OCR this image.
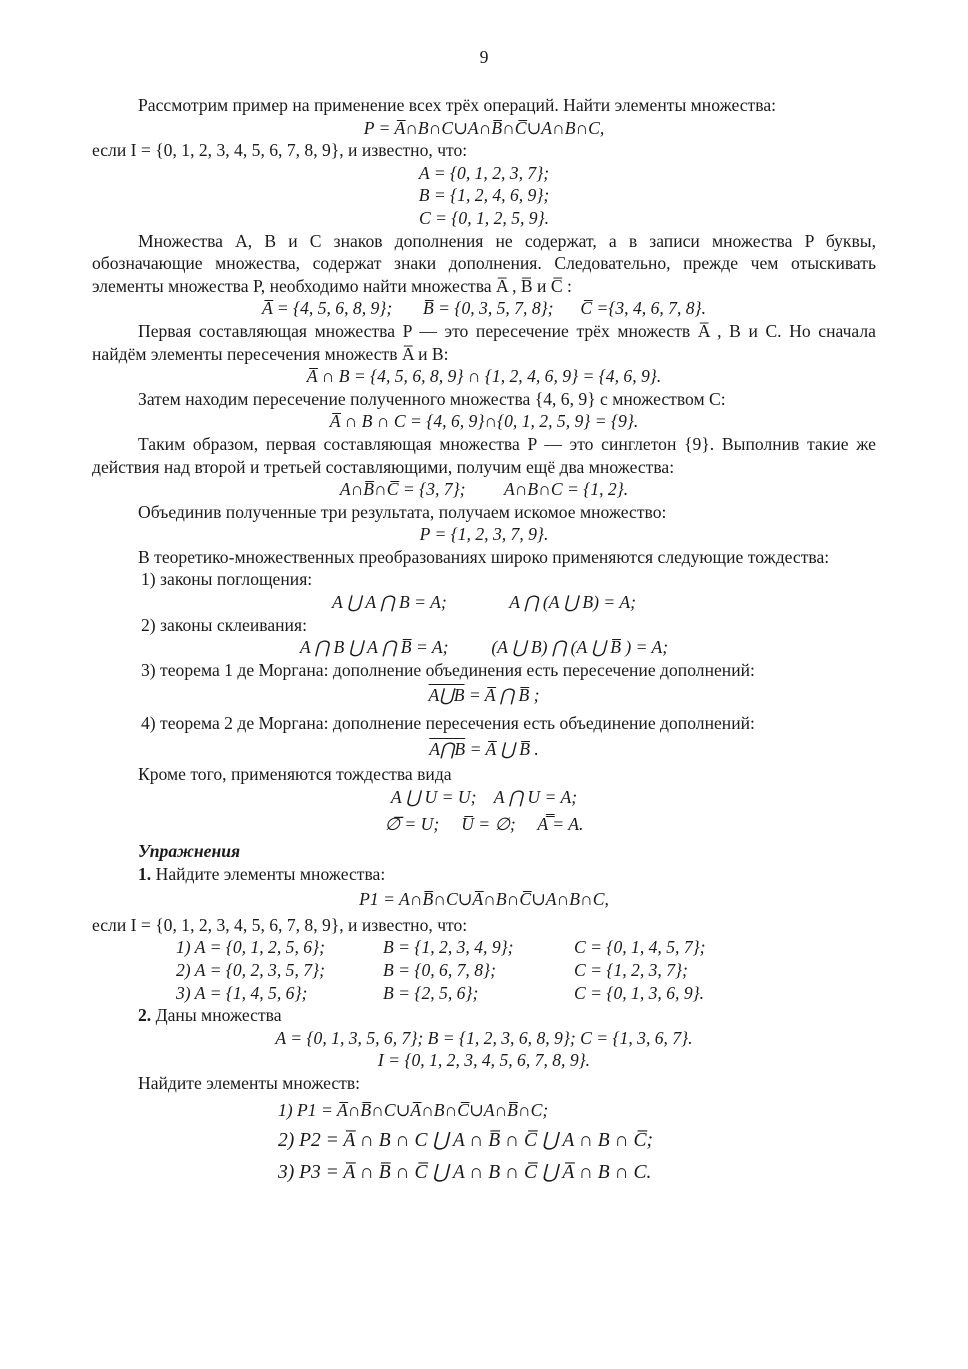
9

Рассмотрим пример на применение всех трёх операций. Найти элементы множества:

P = A̅∩B∩C∪A∩B̅∩C̅∪A∩B∩C,

если I = {0, 1, 2, 3, 4, 5, 6, 7, 8, 9}, и известно, что:

A = {0, 1, 2, 3, 7};

B = {1, 2, 4, 6, 9};

C = {0, 1, 2, 5, 9}.

Множества A, B и C знаков дополнения не содержат, а в записи множества P буквы, обозначающие множества, содержат знаки дополнения. Следовательно, прежде чем отыскивать элементы множества P, необходимо найти множества A̅ , B̅ и C̅ :

A̅ = {4, 5, 6, 8, 9}; B̅ = {0, 3, 5, 7, 8}; C̅ ={3, 4, 6, 7, 8}.

Первая составляющая множества P — это пересечение трёх множеств A̅ , B и C. Но сначала найдём элементы пересечения множеств A̅ и B:

A̅ ∩ B = {4, 5, 6, 8, 9} ∩ {1, 2, 4, 6, 9} = {4, 6, 9}.

Затем находим пересечение полученного множества {4, 6, 9} с множеством C:

A̅ ∩ B ∩ C = {4, 6, 9}∩{0, 1, 2, 5, 9} = {9}.

Таким образом, первая составляющая множества P — это синглетон {9}. Выполнив такие же действия над второй и третьей составляющими, получим ещё два множества:

A∩B̅∩C̅ = {3, 7}; A∩B∩C = {1, 2}.

Объединив полученные три результата, получаем искомое множество:

P = {1, 2, 3, 7, 9}.

В теоретико-множественных преобразованиях широко применяются следующие тождества:

1) законы поглощения:

A ⋃ A ⋂ B = A;	A ⋂ (A ⋃ B) = A;

2) законы склеивания:

A ⋂ B ⋃ A ⋂ B̅ = A; (A ⋃ B) ⋂ (A ⋃ B̅ ) = A;

3) теорема 1 де Моргана: дополнение объединения есть пересечение дополнений:

A⋃B = A̅ ⋂ B̅ ;

4) теорема 2 де Моргана: дополнение пересечения есть объединение дополнений:

A⋂B = A̅ ⋃ B̅ .

Кроме того, применяются тождества вида

A ⋃ U = U;    A ⋂ U = A;

∅̅ = U;     U̅ = ∅;     A̿ = A.

Упражнения

1. Найдите элементы множества:

P1 = A∩B̅∩C∪A̅∩B∩C̅∪A∩B∩C,

если I = {0, 1, 2, 3, 4, 5, 6, 7, 8, 9}, и известно, что:

1) A = {0, 1, 2, 5, 6};	B = {1, 2, 3, 4, 9};	C = {0, 1, 4, 5, 7};
2) A = {0, 2, 3, 5, 7};	B = {0, 6, 7, 8};	C = {1, 2, 3, 7};
3) A = {1, 4, 5, 6};	B = {2, 5, 6};	C = {0, 1, 3, 6, 9}.

2. Даны множества

A = {0, 1, 3, 5, 6, 7}; B = {1, 2, 3, 6, 8, 9}; C = {1, 3, 6, 7}.

I = {0, 1, 2, 3, 4, 5, 6, 7, 8, 9}.

Найдите элементы множеств:

1) P1 = A̅∩B̅∩C∪A̅∩B∩C̅∪A∩B̅∩C;

2) P2 = A̅ ∩ B ∩ C ⋃ A ∩ B̅ ∩ C̅ ⋃ A ∩ B ∩ C̅;

3) P3 = A̅ ∩ B̅ ∩ C̅ ⋃ A ∩ B ∩ C̅ ⋃ A̅ ∩ B ∩ C.
